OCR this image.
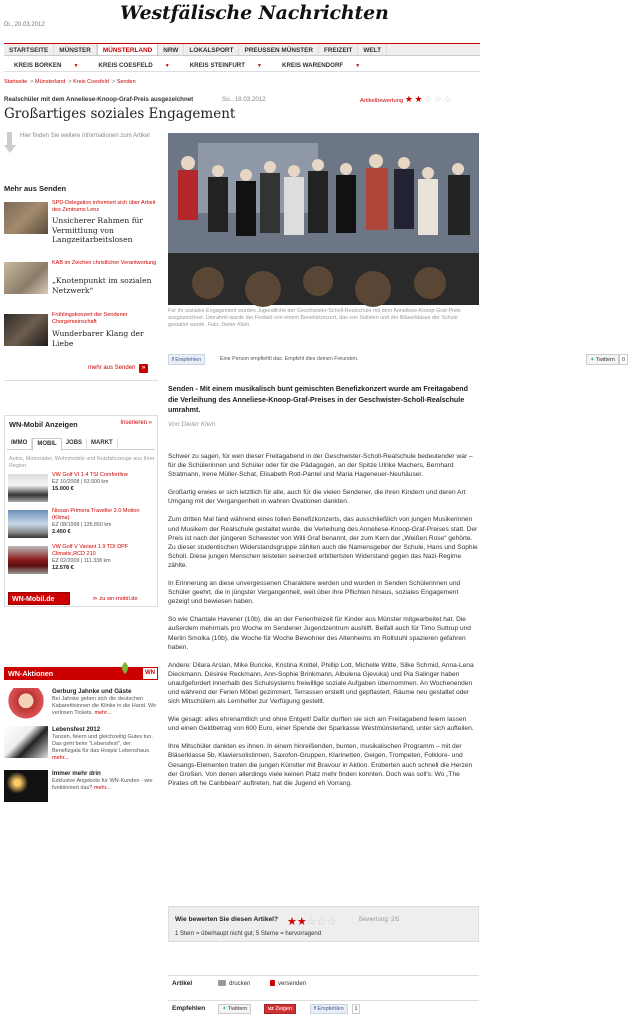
Di., 20.03.2012
Westfälische Nachrichten
STARTSEITE	MÜNSTER	MÜNSTERLAND	NRW	LOKALSPORT	PREUSSEN MÜNSTER	FREIZEIT	WELT
KREIS BORKEN ▼	KREIS COESFELD ▼	KREIS STEINFURT ▼	KREIS WARENDORF ▼
Startseite  > Münsterland  > Kreis Coesfeld  > Senden
Realschüler mit dem Anneliese-Knoop-Graf-Preis ausgezeichnet	So., 18.03.2012	Artikelbewertung ★ ★ ☆ ☆ ☆
Großartiges soziales Engagement
Hier finden Sie weitere Informationen zum Artikel
Mehr aus Senden
SPD-Delegation informiert sich über Arbeit des Zentrums Lenz
Unsicherer Rahmen für Vermittlung von Langzeitarbeitslosen
KAB im Zeichen christlicher Verantwortung
„Knotenpunkt im sozialen Netzwerk“
Frühlingskonzert der Sendener Chorgemeinschaft
Wunderbarer Klang der Liebe
mehr aus Senden »
WN-Mobil Anzeigen	Inserieren »
IMMO	MOBIL	JOBS	MARKT
Autos, Motorräder, Wohnmobile und Nutzfahrzeuge aus Ihrer Region
VW Golf VI 1.4 TSI Comfortline
EZ 10/2008 | 63.500 km
15.000 €
Nissan Primera Traveller 2.0 Motion (Klima)
EZ 08/1998 | 135.850 km
2.450 €
VW Golf V Variant 1.9 TDI DPF Climatic,RCD 210
EZ 02/2009 | 111.338 km
12.578 €
WN-Mobil.de	⊳ zu wn-mobil.de
WN-Aktionen	WN
Gerburg Jahnke und Gäste
Bei Jahnke geben sich die deutschen Kabarettisinnen die Klinke in die Hand. Wir verlosen Tickets. mehr...
Lebensfest 2012
Tanzen, feiern und gleichzeitig Gutes tun. Das geht beim "Lebensfest", der Benefizgala für das Hospiz Lebenshaus. mehr...
Immer mehr drin
Exklusive Angebote für WN-Kunden - wie funktioniert das? mehr...
Für ihr soziales Engagement wurden Jugendliche der Geschwister-Scholl-Realschule mit dem Anneliese-Knoop-Graf-Preis ausgezeichnet. Umrahmt wurde der Festakt von einem Benefizkonzert, das von Solisten und der Bläserklasse der Schule gestaltet wurde. Foto: Dieter Klein
f Empfehlen	Eine Person empfiehlt das. Empfehl dies deinen Freunden.	✦ Twittern	0
Senden - Mit einem musikalisch bunt gemischten Benefizkonzert wurde am Freitagabend die Verleihung des Anneliese-Knoop-Graf-Preises in der Geschwister-Scholl-Realschule umrahmt.
Von Dieter Klein

Schwer zu sagen, für wen dieser Freitagabend in der Geschwister-Scholl-Realschule bedeutender war – für die Schülerinnen und Schüler oder für die Pädagogen, an der Spitze Ulrike Machers, Bernhard Stratmann, Irene Müller-Schat, Elisabeth Rott-Pantel und Maria Hageneuer-Neuhäuser.

Großartig erwies er sich letztlich für alle, auch für die vielen Sendener, die ihren Kindern und deren Art Umgang mit der Vergangenheit in wahren Ovationen dankten.

Zum dritten Mal fand während eines tollen Benefizkonzerts, das ausschließlich von jungen Musikerinnen und Musikern der Realschule gestaltet wurde, die Verleihung des Anneliese-Knoop-Graf-Preises statt. Der Preis ist nach der jüngeren Schwester von Willi Graf benannt, der zum Kern der „Weißen Rose“ gehörte. Zu dieser studentischen Widerstandsgruppe zählten auch die Namensgeber der Schule, Hans und Sophie Scholl. Diese jungen Menschen leisteten seinerzeit erbittertsten Widerstand gegen das Nazi-Regime zählte.

In Erinnerung an diese unvergessenen Charaktere werden und wurden in Senden Schülerinnen und Schüler geehrt, die in jüngster Vergangenheit, weit über ihre Pflichten hinaus, soziales Engagement gezeigt und bewiesen haben.

So wie Chantale Havener (10b), die an der Ferienfreizeit für Kinder aus Münster mitgearbeitet hat. Die außerdem mehrmals pro Woche im Sendener Jugendzentrum aushilft. Beifall auch für Timo Suttrup und Merlin Smolka (10b), die Woche für Woche Bewohner des Altenheims im Rollstuhl spazieren gefahren haben.

Andere: Dilara Arslan, Mike Buricke, Kristina Knittel, Phillip Lott, Michelle Witte, Silke Schmid, Anna-Lena Dieckmann, Désirée Reckmann, Ann-Sophie Brinkmann, Albulena Gjevuka) und Pia Salinger haben unaufgefordert innerhalb des Schulsystems freiwillige soziale Aufgaben übernommen. An Wochenenden und während der Ferien Möbel gezimmert, Terrassen erstellt und gepflastert, Räume neu gestaltet oder sich Mitschülern als Lernhelfer zur Verfügung gestellt.

Wie gesagt: alles ehrenamtlich und ohne Entgelt! Dafür durften sie sich am Freitagabend feiern lassen und einen Geldbetrag von 600 Euro, einer Spende der Sparkasse Westmünsterland, unter sich aufteilen.

Ihre Mitschüler dankten es ihnen. In einem hinreißenden, bunten, musikalischen Programm – mit der Bläserklasse 5b, Klaviersolistinnen, Saxofon-Gruppen, Klarinetten, Geigen, Trompeten, Folklore- und Gesangs-Elementen traten die jungen Künstler mit Bravour in Aktion. Eroberten auch schnell die Herzen der Großen. Von denen allerdings viele keinen Platz mehr finden konnten. Doch was soll's: Wo „The Pirates oft he Caribbean“ auftreten, hat die Jugend eh Vorrang.

Wie bewerten Sie diesen Artikel? ★★☆☆☆	Bewertung: 2/5
1 Stern = überhaupt nicht gut; 5 Sterne = hervorragend
Artikel	drucken	versenden
Empfehlen	✦ Twittern	vz Zeigen	f Empfehlen	1
